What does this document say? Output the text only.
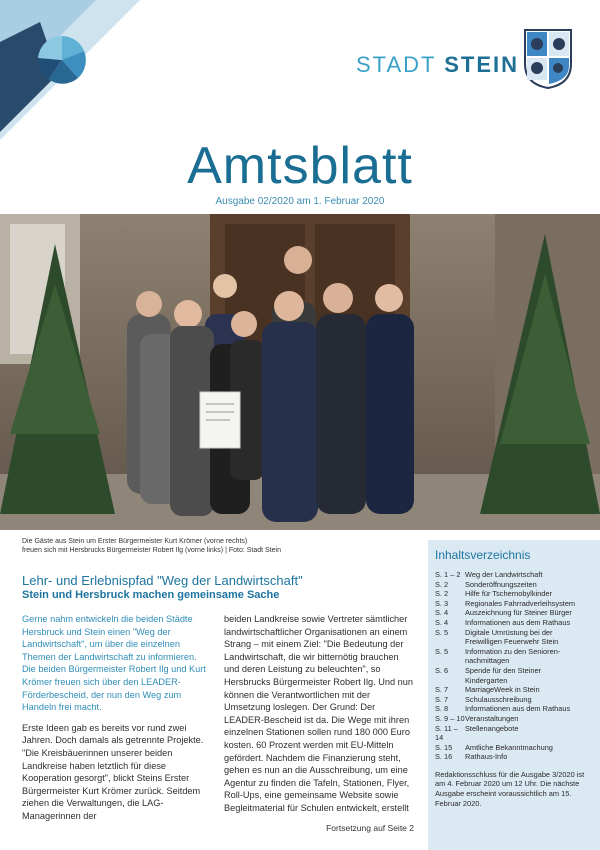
STADT STEIN
Amtsblatt
Ausgabe 02/2020 am 1. Februar 2020
Die Gäste aus Stein um Erster Bürgermeister Kurt Krömer (vorne rechts)
freuen sich mit Hersbrucks Bürgermeister Robert Ilg (vorne links) | Foto: Stadt Stein
Lehr- und Erlebnispfad "Weg der Landwirtschaft"
Stein und Hersbruck machen gemeinsame Sache

Gerne nahm entwickeln die beiden Städte Hersbruck und Stein einen "Weg der Landwirtschaft", um über die einzelnen Themen der Landwirtschaft zu informieren. Die beiden Bürgermeister Robert Ilg und Kurt Krömer freuen sich über den LEADER-Förderbescheid, der nun den Weg zum Handeln frei macht.

Erste Ideen gab es bereits vor rund zwei Jahren. Doch damals als getrennte Projekte. "Die Kreisbäuerinnen unserer beiden Landkreise haben letztlich für diese Kooperation gesorgt", blickt Steins Erster Bürgermeister Kurt Krömer zurück. Seitdem ziehen die Verwaltungen, die LAG-Managerinnen der

beiden Landkreise sowie Vertreter sämtlicher landwirtschaftlicher Organisationen an einem Strang – mit einem Ziel: "Die Bedeutung der Landwirtschaft, die wir bitternötig brauchen und deren Leistung zu beleuchten", so Hersbrucks Bürgermeister Robert Ilg. Und nun können die Verantwortlichen mit der Umsetzung loslegen. Der Grund: Der LEADER-Bescheid ist da. Die Wege mit ihren einzelnen Stationen sollen rund 180 000 Euro kosten. 60 Prozent werden mit EU-Mitteln gefördert. Nachdem die Finanzierung steht, gehen es nun an die Ausschreibung, um eine Agentur zu finden die Tafeln, Stationen, Flyer, Roll-Ups, eine gemeinsame Website sowie Begleitmaterial für Schulen entwickelt, erstellt

Fortsetzung auf Seite 2
Inhaltsverzeichnis
S. 1 – 2 Weg der Landwirtschaft
S. 2	Sonderöffnungszeiten
S. 2	Hilfe für Tschernobylkinder
S. 3	Regionales Fahrradverleihsystem
S. 4	Auszeichnung für Steiner Bürger
S. 4	Informationen aus dem Rathaus
S. 5	Digitale Umrüstung bei der
Freiwilligen Feuerwehr Stein
S. 5	Information zu den Senioren-
nachmittagen
S. 6	Spende für den Steiner
Kindergarten
S. 7	MarriageWeek in Stein
S. 7	Schulausschreibung
S. 8	Informationen aus dem Rathaus
S. 9 – 10 Veranstaltungen
S. 11 – 14
Stellenangebote
S. 15	Amtliche Bekanntmachung
S. 16	Rathaus-Info
Redaktionsschluss für die Ausgabe 3/2020 ist am 4. Februar 2020 um 12 Uhr. Die nächste Ausgabe erscheint voraussichtlich am 15. Februar 2020.
